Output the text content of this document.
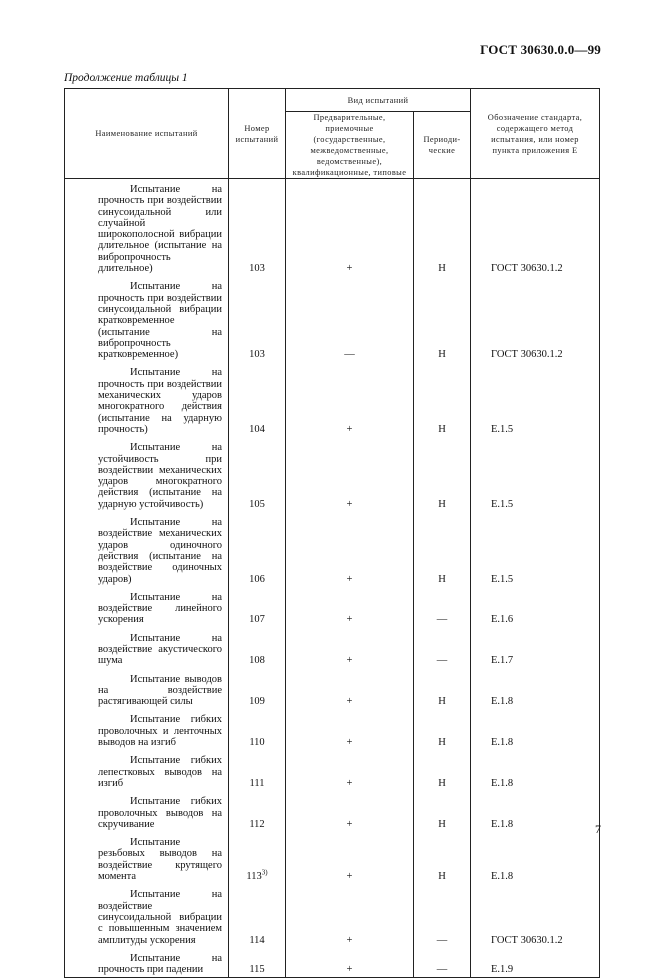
ГОСТ 30630.0.0—99
Продолжение таблицы 1
Наименование испытаний	Номер испытаний	Вид испытаний		Обозначение стандарта, содержащего метод испытания, или номер пункта приложения Е
		Предварительные, приемочные (государственные, межведомственные, ведомственные), квалификационные, типовые	Периоди-ческие	

Испытание на прочность при воздействии синусоидальной или случайной широкополосной вибрации длительное (испытание на вибропрочность длительное)	103	+	Н	ГОСТ 30630.1.2

Испытание на прочность при воздействии синусоидальной вибрации кратковременное (испытание на вибропрочность кратковременное)	103	—	Н	ГОСТ 30630.1.2

Испытание на прочность при воздействии механических ударов многократного действия (испытание на ударную прочность)	104	+	Н	Е.1.5

Испытание на устойчивость при воздействии механических ударов многократного действия (испытание на ударную устойчивость)	105	+	Н	Е.1.5

Испытание на воздействие механических ударов одиночного действия (испытание на воздействие одиночных ударов)	106	+	Н	Е.1.5

Испытание на воздействие линейного ускорения	107	+	—	Е.1.6

Испытание на воздействие акустического шума	108	+	—	Е.1.7

Испытание выводов на воздействие растягивающей силы	109	+	Н	Е.1.8

Испытание гибких проволочных и ленточных выводов на изгиб	110	+	Н	Е.1.8

Испытание гибких лепестковых выводов на изгиб	111	+	Н	Е.1.8

Испытание гибких проволочных выводов на скручивание	112	+	Н	Е.1.8

Испытание резьбовых выводов на воздействие крутящего момента	$113^{3)}$	+	Н	Е.1.8

Испытание на воздействие синусоидальной вибрации с повышенным значением амплитуды ускорения	114	+	—	ГОСТ 30630.1.2

Испытание на прочность при падении	115	+	—	Е.1.9
7
